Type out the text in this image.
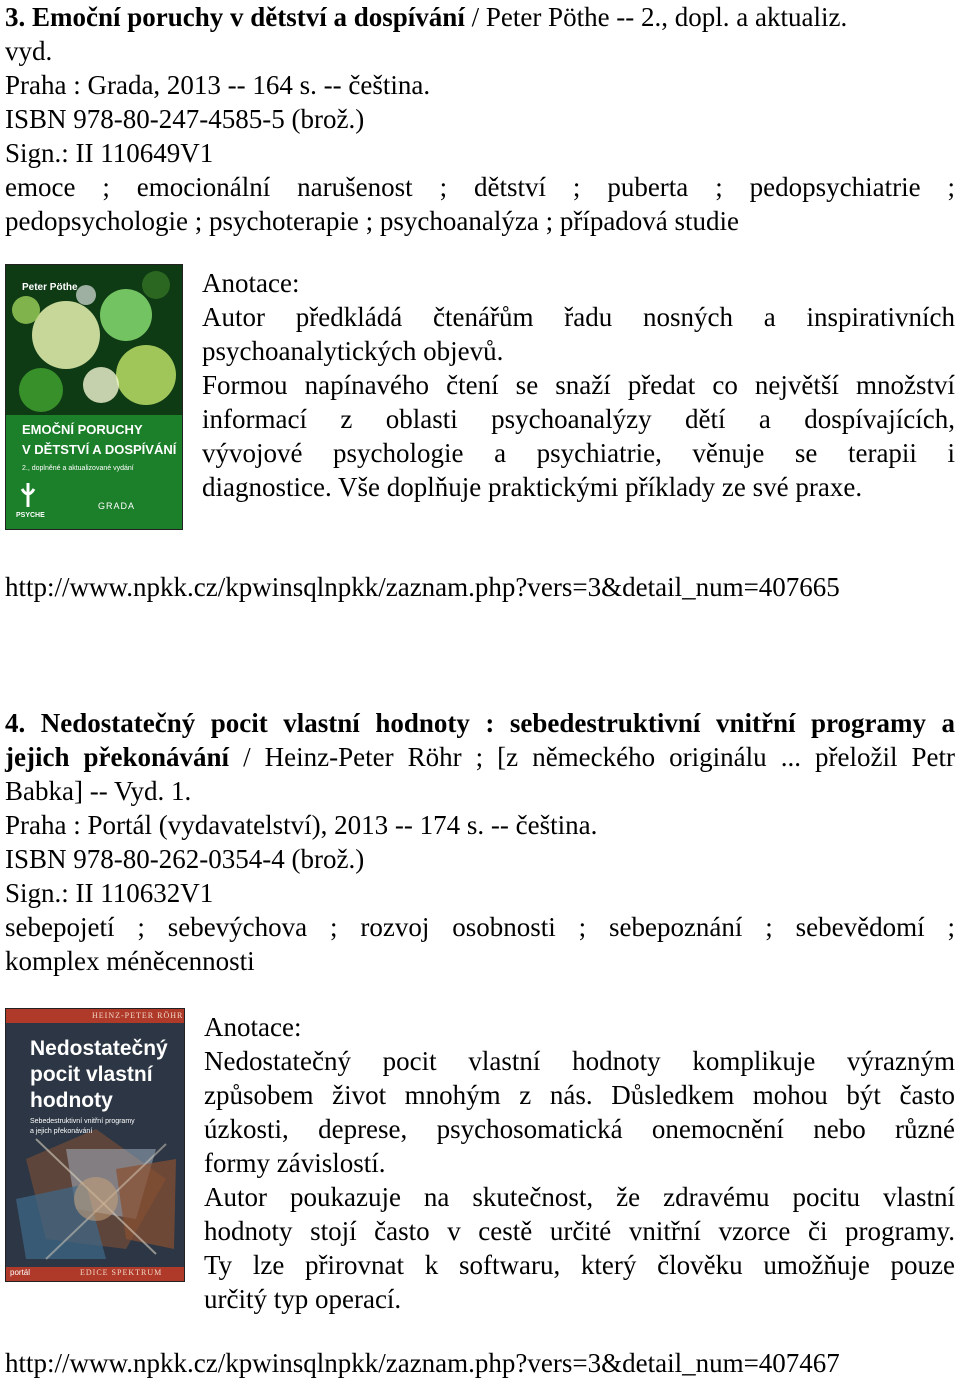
3. Emoční poruchy v dětství a dospívání / Peter Pöthe -- 2., dopl. a aktualiz.
vyd.
Praha : Grada, 2013 -- 164 s. -- čeština.
ISBN 978-80-247-4585-5 (brož.)
Sign.: II 110649V1
emoce ; emocionální narušenost ; dětství ; puberta ; pedopsychiatrie ;
pedopsychologie ; psychoterapie ; psychoanalýza ; případová studie
Peter Pöthe
EMOČNÍ PORUCHY
V DĚTSTVÍ A DOSPÍVÁNÍ
2., doplněné a aktualizované vydání
PSYCHE
GRADA
Anotace:
Autor předkládá čtenářům řadu nosných a inspirativních
psychoanalytických objevů.
Formou napínavého čtení se snaží předat co největší množství
informací z oblasti psychoanalýzy dětí a dospívajících,
vývojové psychologie a psychiatrie, věnuje se terapii i
diagnostice. Vše doplňuje praktickými příklady ze své praxe.
http://www.npkk.cz/kpwinsqlnpkk/zaznam.php?vers=3&detail_num=407665
4. Nedostatečný pocit vlastní hodnoty : sebedestruktivní vnitřní programy a
jejich překonávání / Heinz-Peter Röhr ; [z německého originálu ... přeložil Petr
Babka] -- Vyd. 1.
Praha : Portál (vydavatelství), 2013 -- 174 s. -- čeština.
ISBN 978-80-262-0354-4 (brož.)
Sign.: II 110632V1
sebepojetí ; sebevýchova ; rozvoj osobnosti ; sebepoznání ; sebevědomí ;
komplex méněcennosti
HEINZ-PETER RÖHR
Nedostatečný
pocit vlastní
hodnoty
Sebedestruktivní vnitřní programy
a jejich překonávání
portál	EDICE SPEKTRUM
Anotace:
Nedostatečný pocit vlastní hodnoty komplikuje výrazným
způsobem život mnohým z nás. Důsledkem mohou být často
úzkosti, deprese, psychosomatická onemocnění nebo různé
formy závislostí.
Autor poukazuje na skutečnost, že zdravému pocitu vlastní
hodnoty stojí často v cestě určité vnitřní vzorce či programy.
Ty lze přirovnat k softwaru, který člověku umožňuje pouze
určitý typ operací.
http://www.npkk.cz/kpwinsqlnpkk/zaznam.php?vers=3&detail_num=407467
